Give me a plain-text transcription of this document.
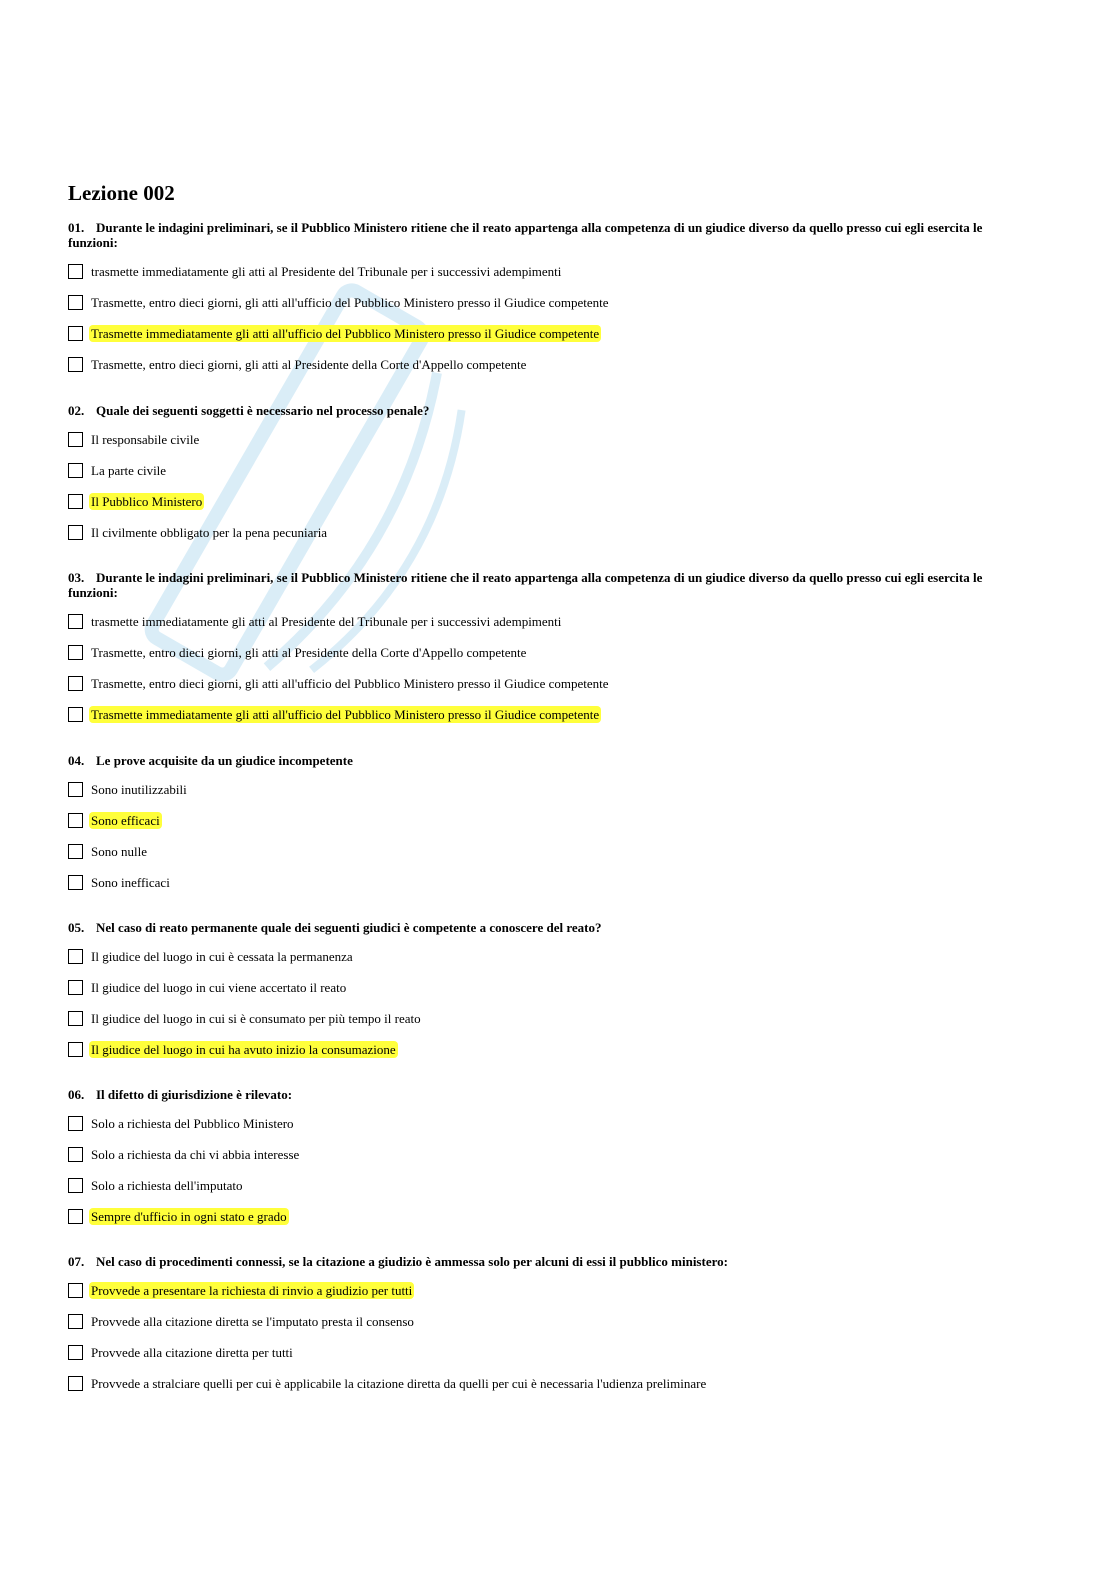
Lezione 002

01. Durante le indagini preliminari, se il Pubblico Ministero ritiene che il reato appartenga alla competenza di un giudice diverso da quello presso cui egli esercita le funzioni:

trasmette immediatamente gli atti al Presidente del Tribunale per i successivi adempimenti
Trasmette, entro dieci giorni, gli atti all'ufficio del Pubblico Ministero presso il Giudice competente
Trasmette immediatamente gli atti all'ufficio del Pubblico Ministero presso il Giudice competente
Trasmette, entro dieci giorni, gli atti al Presidente della Corte d'Appello competente

02. Quale dei seguenti soggetti è necessario nel processo penale?

Il responsabile civile
La parte civile
Il Pubblico Ministero
Il civilmente obbligato per la pena pecuniaria

03. Durante le indagini preliminari, se il Pubblico Ministero ritiene che il reato appartenga alla competenza di un giudice diverso da quello presso cui egli esercita le funzioni:

trasmette immediatamente gli atti al Presidente del Tribunale per i successivi adempimenti
Trasmette, entro dieci giorni, gli atti al Presidente della Corte d'Appello competente
Trasmette, entro dieci giorni, gli atti all'ufficio del Pubblico Ministero presso il Giudice competente
Trasmette immediatamente gli atti all'ufficio del Pubblico Ministero presso il Giudice competente

04. Le prove acquisite da un giudice incompetente

Sono inutilizzabili
Sono efficaci
Sono nulle
Sono inefficaci

05. Nel caso di reato permanente quale dei seguenti giudici è competente a conoscere del reato?

Il giudice del luogo in cui è cessata la permanenza
Il giudice del luogo in cui viene accertato il reato
Il giudice del luogo in cui si è consumato per più tempo il reato
Il giudice del luogo in cui ha avuto inizio la consumazione

06. Il difetto di giurisdizione è rilevato:

Solo a richiesta del Pubblico Ministero
Solo a richiesta da chi vi abbia interesse
Solo a richiesta dell'imputato
Sempre d'ufficio in ogni stato e grado

07. Nel caso di procedimenti connessi, se la citazione a giudizio è ammessa solo per alcuni di essi il pubblico ministero:

Provvede a presentare la richiesta di rinvio a giudizio per tutti
Provvede alla citazione diretta se l'imputato presta il consenso
Provvede alla citazione diretta per tutti
Provvede a stralciare quelli per cui è applicabile la citazione diretta da quelli per cui è necessaria l'udienza preliminare
